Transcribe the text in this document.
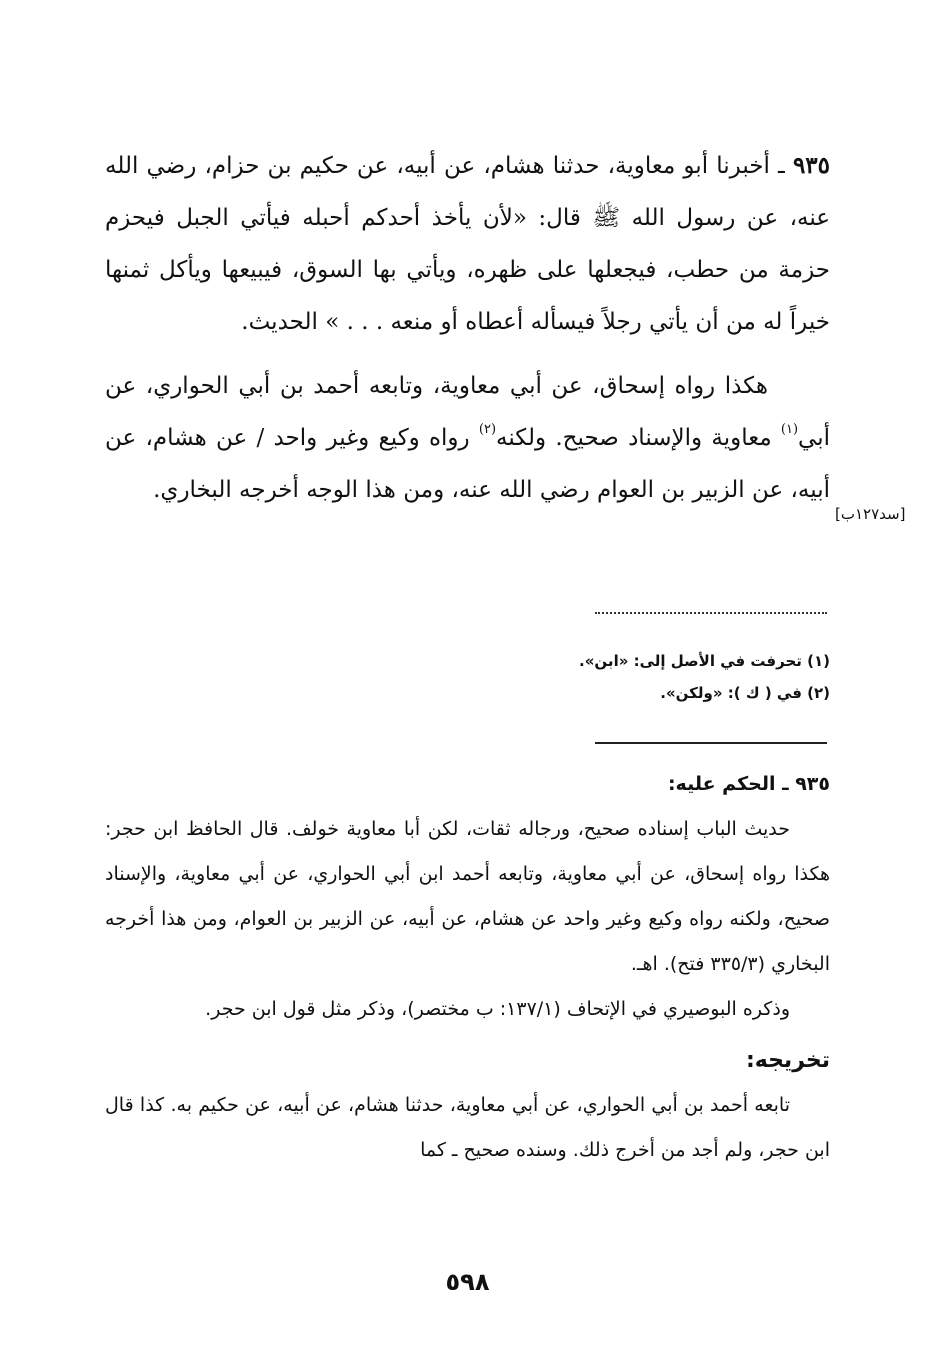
٩٣٥ ـ أخبرنا أبو معاوية، حدثنا هشام، عن أبيه، عن حكيم بن حزام، رضي الله عنه، عن رسول الله ﷺ قال: «لأن يأخذ أحدكم أحبله فيأتي الجبل فيحزم حزمة من حطب، فيجعلها على ظهره، ويأتي بها السوق، فيبيعها ويأكل ثمنها خيراً له من أن يأتي رجلاً فيسأله أعطاه أو منعه . . . » الحديث.

هكذا رواه إسحاق، عن أبي معاوية، وتابعه أحمد بن أبي الحواري، عن أبي$^{(١)}$ معاوية والإسناد صحيح. ولكنه$^{(٢)}$ رواه وكيع وغير واحد / عن هشام، عن أبيه، عن الزبير بن العوام رضي الله عنه، ومن هذا الوجه أخرجه البخاري.

[سد١٢٧ب]
(١) تحرفت في الأصل إلى: «ابن».
(٢) في ( ك ): «ولكن».

٩٣٥ ـ الحكم عليه:

حديث الباب إسناده صحيح، ورجاله ثقات، لكن أبا معاوية خولف. قال الحافظ ابن حجر: هكذا رواه إسحاق، عن أبي معاوية، وتابعه أحمد ابن أبي الحواري، عن أبي معاوية، والإسناد صحيح، ولكنه رواه وكيع وغير واحد عن هشام، عن أبيه، عن الزبير بن العوام، ومن هذا أخرجه البخاري (٣٣٥/٣ فتح). اهـ.

وذكره البوصيري في الإتحاف (١٣٧/١: ب مختصر)، وذكر مثل قول ابن حجر.

تخريجه:

تابعه أحمد بن أبي الحواري، عن أبي معاوية، حدثنا هشام، عن أبيه، عن حكيم به. كذا قال ابن حجر، ولم أجد من أخرج ذلك. وسنده صحيح ـ كما

٥٩٨
